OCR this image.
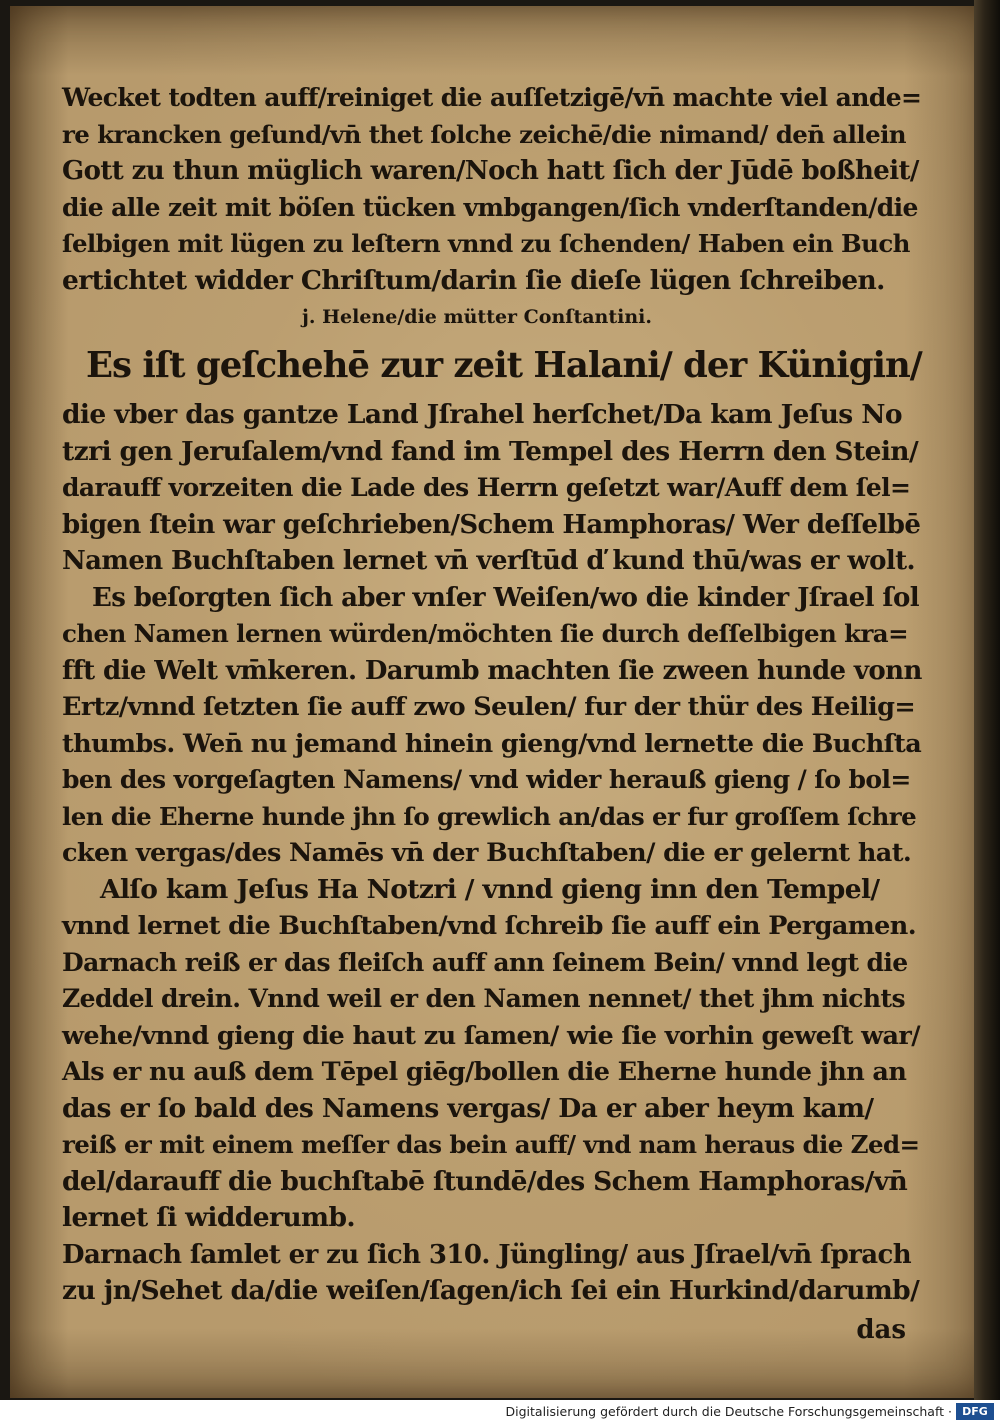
Wecket todten auff/reiniget die auſſetzigē/vn̄ machte viel ande=
re krancken geſund/vn̄ thet ſolche zeichē/die nimand/ den̄ allein
Gott zu thun müglich waren/Noch hatt ſich der Jūdē boßheit/
die alle zeit mit böſen tücken vmbgangen/ſich vnderſtanden/die
ſelbigen mit lügen zu leſtern vnnd zu ſchenden/ Haben ein Buch
ertichtet widder Chriſtum/darin ſie dieſe lügen ſchreiben.
j. Helene/die mütter Conſtantini.
Es iſt geſchehē zur zeit Halani/ der Künigin/
die vber das gantze Land Jſrahel herſchet/Da kam Jeſus No
tzri gen Jeruſalem/vnd fand im Tempel des Herrn den Stein/
darauff vorzeiten die Lade des Herrn geſetzt war/Auff dem ſel=
bigen ſtein war geſchrieben/Schem Hamphoras/ Wer deſſelbē
Namen Buchſtaben lernet vn̄ verſtūd ď kund thū/was er wolt.
Es beſorgten ſich aber vnſer Weiſen/wo die kinder Jſrael ſol
chen Namen lernen würden/möchten ſie durch deſſelbigen kra=
fft die Welt vm̄keren. Darumb machten ſie zween hunde vonn
Ertz/vnnd ſetzten ſie auff zwo Seulen/ fur der thür des Heilig=
thumbs. Wen̄ nu jemand hinein gieng/vnd lernette die Buchſta
ben des vorgeſagten Namens/ vnd wider herauß gieng / ſo bol=
len die Eherne hunde jhn ſo grewlich an/das er fur groſſem ſchre
cken vergas/des Namēs vn̄ der Buchſtaben/ die er gelernt hat.
Alſo kam Jeſus Ha Notzri / vnnd gieng inn den Tempel/
vnnd lernet die Buchſtaben/vnd ſchreib ſie auff ein Pergamen.
Darnach reiß er das fleiſch auff ann ſeinem Bein/ vnnd legt die
Zeddel drein. Vnnd weil er den Namen nennet/ thet jhm nichts
wehe/vnnd gieng die haut zu ſamen/ wie ſie vorhin geweſt war/
Als er nu auß dem Tēpel giēg/bollen die Eherne hunde jhn an
das er ſo bald des Namens vergas/ Da er aber heym kam/
reiß er mit einem meſſer das bein auff/ vnd nam heraus die Zed=
del/darauff die buchſtabē ſtundē/des Schem Hamphoras/vn̄
lernet ſi widderumb.
Darnach ſamlet er zu ſich 310. Jüngling/ aus Jſrael/vn̄ ſprach
zu jn/Sehet da/die weiſen/ſagen/ich ſei ein Hurkind/darumb/
das
Digitalisierung gefördert durch die Deutsche Forschungsgemeinschaft · DFG
